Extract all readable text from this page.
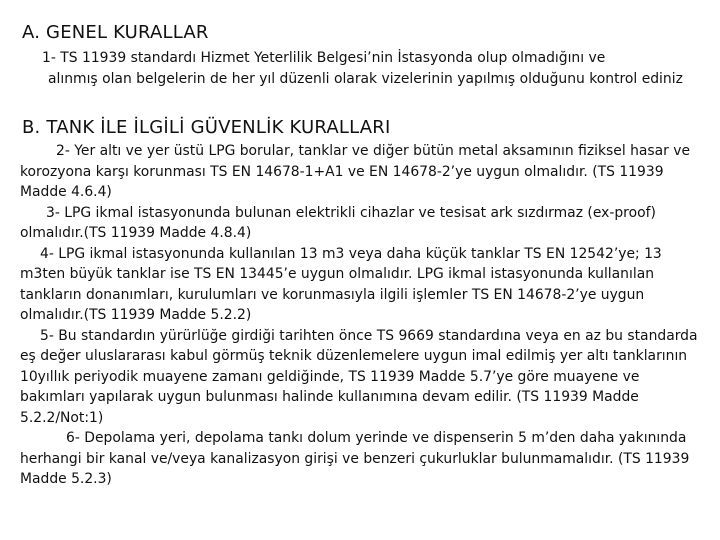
A. GENEL KURALLAR

1- TS 11939 standardı Hizmet Yeterlilik Belgesi’nin İstasyonda olup olmadığını ve
alınmış olan belgelerin de her yıl düzenli olarak vizelerinin yapılmış olduğunu kontrol ediniz

B. TANK İLE İLGİLİ GÜVENLİK KURALLARI

2- Yer altı ve yer üstü LPG borular, tanklar ve diğer bütün metal aksamının fiziksel hasar ve korozyona karşı korunması TS EN 14678-1+A1 ve EN 14678-2’ye uygun olmalıdır. (TS 11939 Madde 4.6.4)

3- LPG ikmal istasyonunda bulunan elektrikli cihazlar ve tesisat ark sızdırmaz (ex-proof) olmalıdır.(TS 11939 Madde 4.8.4)

4- LPG ikmal istasyonunda kullanılan 13 m3 veya daha küçük tanklar TS EN 12542’ye; 13 m3ten büyük tanklar ise TS EN 13445’e uygun olmalıdır. LPG ikmal istasyonunda kullanılan tankların donanımları, kurulumları ve korunmasıyla ilgili işlemler TS EN 14678-2’ye uygun olmalıdır.(TS 11939 Madde 5.2.2)

5- Bu standardın yürürlüğe girdiği tarihten önce TS 9669 standardına veya en az bu standarda eş değer uluslararası kabul görmüş teknik düzenlemelere uygun imal edilmiş yer altı tanklarının 10yıllık periyodik muayene zamanı geldiğinde, TS 11939 Madde 5.7’ye göre muayene ve bakımları yapılarak uygun bulunması halinde kullanımına devam edilir. (TS 11939 Madde 5.2.2/Not:1)

6- Depolama yeri, depolama tankı dolum yerinde ve dispenserin 5 m’den daha yakınında herhangi bir kanal ve/veya kanalizasyon girişi ve benzeri çukurluklar bulunmamalıdır. (TS 11939 Madde 5.2.3)
